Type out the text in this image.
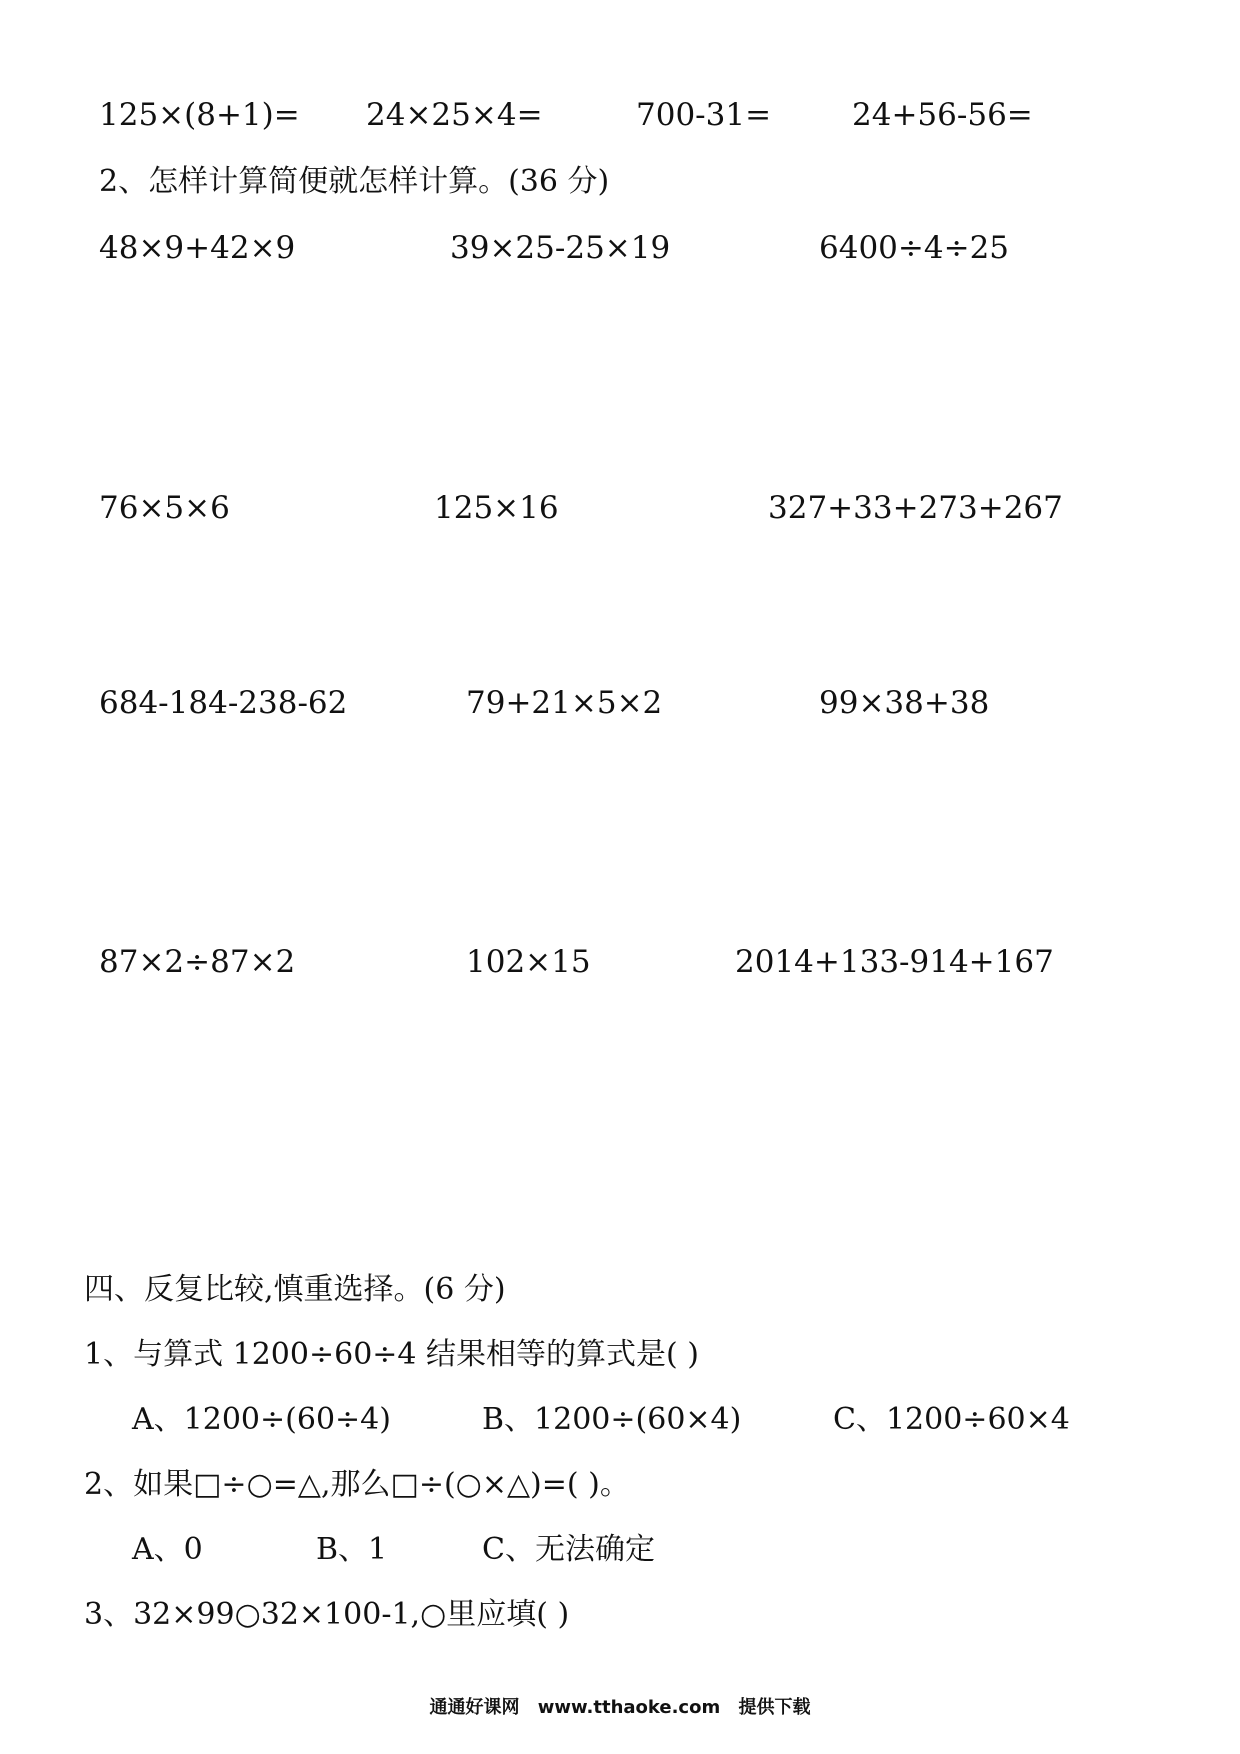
125×(8+1)= 24×25×4=	700-31=	24+56-56=
2、怎样计算简便就怎样计算。(36 分)
48×9+42×9	39×25-25×19	6400÷4÷25
76×5×6	125×16	327+33+273+267
684-184-238-62	79+21×5×2	99×38+38
87×2÷87×2	102×15	2014+133-914+167
四、反复比较,慎重选择。(6 分)
1、与算式 1200÷60÷4 结果相等的算式是( )
A、1200÷(60÷4)	B、1200÷(60×4)	C、1200÷60×4
2、如果□÷○=△,那么□÷(○×△)=( )。
A、0	B、1	C、无法确定
3、32×99○32×100-1,○里应填( )
通通好课网 www.tthaoke.com 提供下载
